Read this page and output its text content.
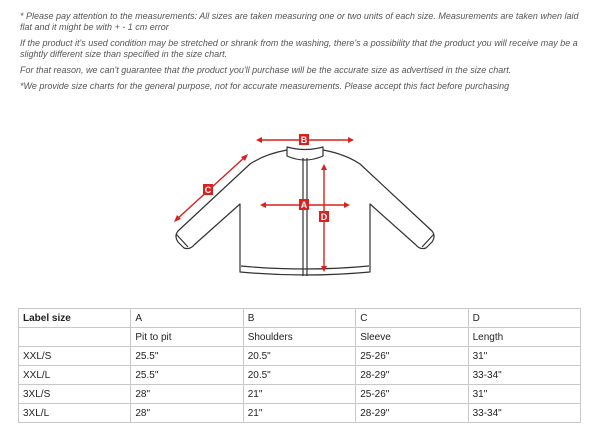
* Please pay attention to the measurements: All sizes are taken measuring one or two units of each size. Measurements are taken when laid flat and it might be with + - 1 cm error

If the product it's used condition may be stretched or shrank from the washing, there's a possibility that the product you will receive may be a slightly different size than specified in the size chart.

For that reason, we can't guarantee that the product you'll purchase will be the accurate size as advertised in the size chart.

*We provide size charts for the general purpose, not for accurate measurements. Please accept this fact before purchasing

B
A
C
D
Label size	A	B	C	D
	Pit to pit	Shoulders	Sleeve	Length
XXL/S	25.5"	20.5"	25-26"	31"
XXL/L	25.5"	20.5"	28-29"	33-34"
3XL/S	28"	21"	25-26"	31"
3XL/L	28"	21"	28-29"	33-34"
